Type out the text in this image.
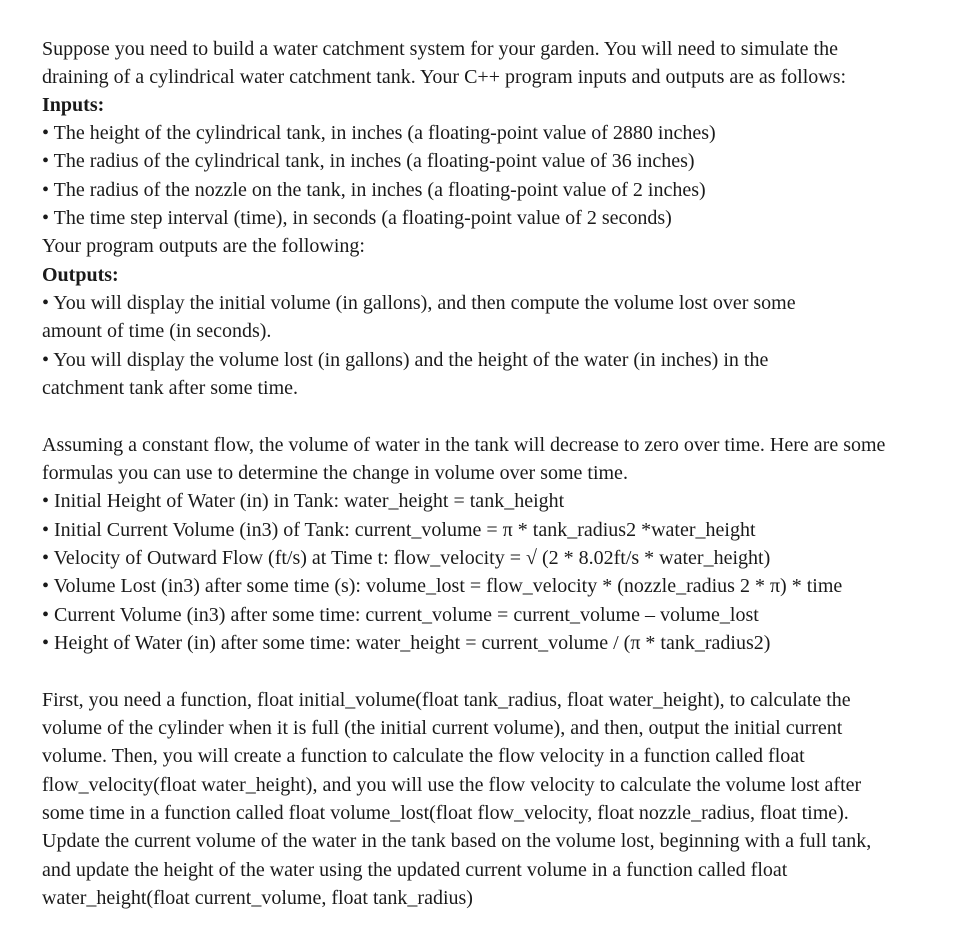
Suppose you need to build a water catchment system for your garden. You will need to simulate the
draining of a cylindrical water catchment tank. Your C++ program inputs and outputs are as follows:
Inputs:
• The height of the cylindrical tank, in inches (a floating-point value of 2880 inches)
• The radius of the cylindrical tank, in inches (a floating-point value of 36 inches)
• The radius of the nozzle on the tank, in inches (a floating-point value of 2 inches)
• The time step interval (time), in seconds (a floating-point value of 2 seconds)
Your program outputs are the following:
Outputs:
• You will display the initial volume (in gallons), and then compute the volume lost over some
amount of time (in seconds).
• You will display the volume lost (in gallons) and the height of the water (in inches) in the
catchment tank after some time.
Assuming a constant flow, the volume of water in the tank will decrease to zero over time. Here are some
formulas you can use to determine the change in volume over some time.
• Initial Height of Water (in) in Tank: water_height = tank_height
• Initial Current Volume (in3) of Tank: current_volume = π * tank_radius2 *water_height
• Velocity of Outward Flow (ft/s) at Time t: flow_velocity = √ (2 * 8.02ft/s * water_height)
• Volume Lost (in3) after some time (s): volume_lost = flow_velocity * (nozzle_radius 2 * π) * time
• Current Volume (in3) after some time: current_volume = current_volume – volume_lost
• Height of Water (in) after some time: water_height = current_volume / (π * tank_radius2)
First, you need a function, float initial_volume(float tank_radius, float water_height), to calculate the
volume of the cylinder when it is full (the initial current volume), and then, output the initial current
volume. Then, you will create a function to calculate the flow velocity in a function called float
flow_velocity(float water_height), and you will use the flow velocity to calculate the volume lost after
some time in a function called float volume_lost(float flow_velocity, float nozzle_radius, float time).
Update the current volume of the water in the tank based on the volume lost, beginning with a full tank,
and update the height of the water using the updated current volume in a function called float
water_height(float current_volume, float tank_radius)
